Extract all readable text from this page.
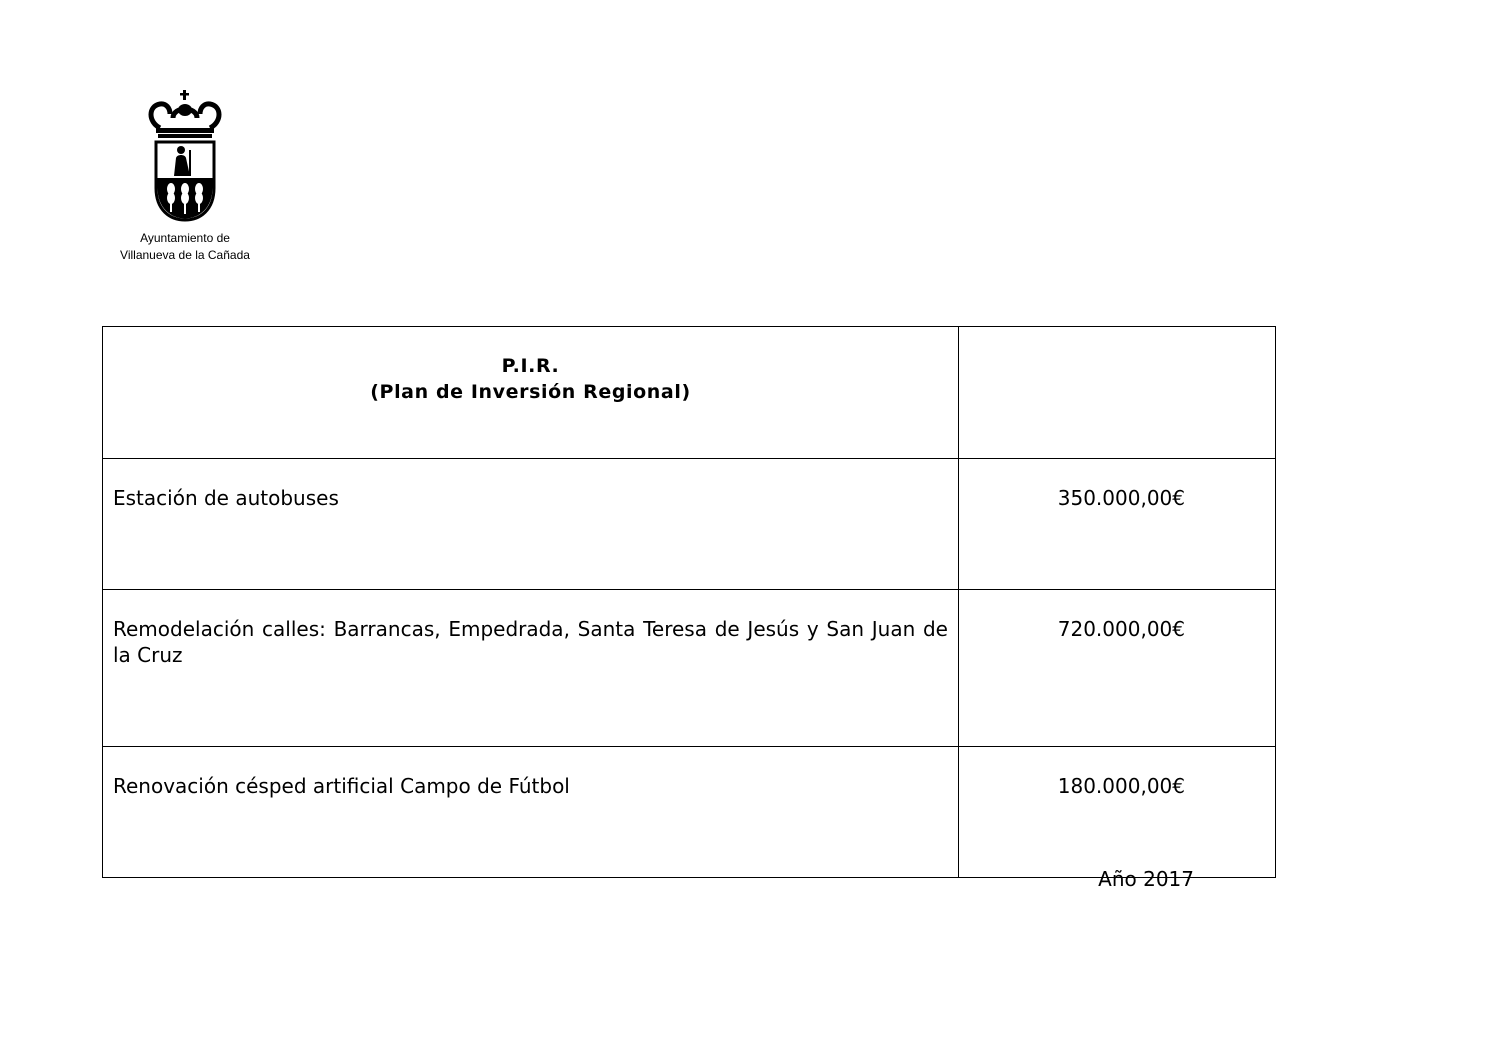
Ayuntamiento de
Villanueva de la Cañada
P.I.R.
(Plan de Inversión Regional)	

Estación de autobuses	350.000,00€
Remodelación calles: Barrancas, Empedrada, Santa Teresa de Jesús y San Juan de la Cruz	720.000,00€
Renovación césped artificial Campo de Fútbol	180.000,00€
Año 2017
